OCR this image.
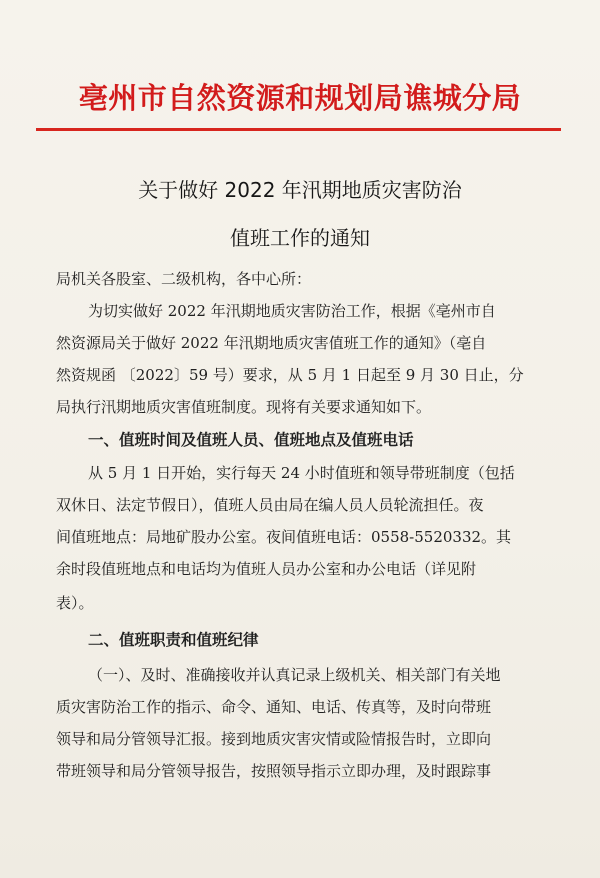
亳州市自然资源和规划局谯城分局
关于做好 2022 年汛期地质灾害防治
值班工作的通知
局机关各股室、二级机构，各中心所：
为切实做好 2022 年汛期地质灾害防治工作，根据《亳州市自
然资源局关于做好 2022 年汛期地质灾害值班工作的通知》（亳自
然资规函 〔2022〕59 号）要求，从 5 月 1 日起至 9 月 30 日止，分
局执行汛期地质灾害值班制度。现将有关要求通知如下。
一、值班时间及值班人员、值班地点及值班电话
从 5 月 1 日开始，实行每天 24 小时值班和领导带班制度（包括
双休日、法定节假日），值班人员由局在编人员人员轮流担任。夜
间值班地点：局地矿股办公室。夜间值班电话：0558-5520332。其
余时段值班地点和电话均为值班人员办公室和办公电话（详见附
表）。
二、值班职责和值班纪律
（一）、及时、准确接收并认真记录上级机关、相关部门有关地
质灾害防治工作的指示、命令、通知、电话、传真等，及时向带班
领导和局分管领导汇报。接到地质灾害灾情或险情报告时，立即向
带班领导和局分管领导报告，按照领导指示立即办理，及时跟踪事
